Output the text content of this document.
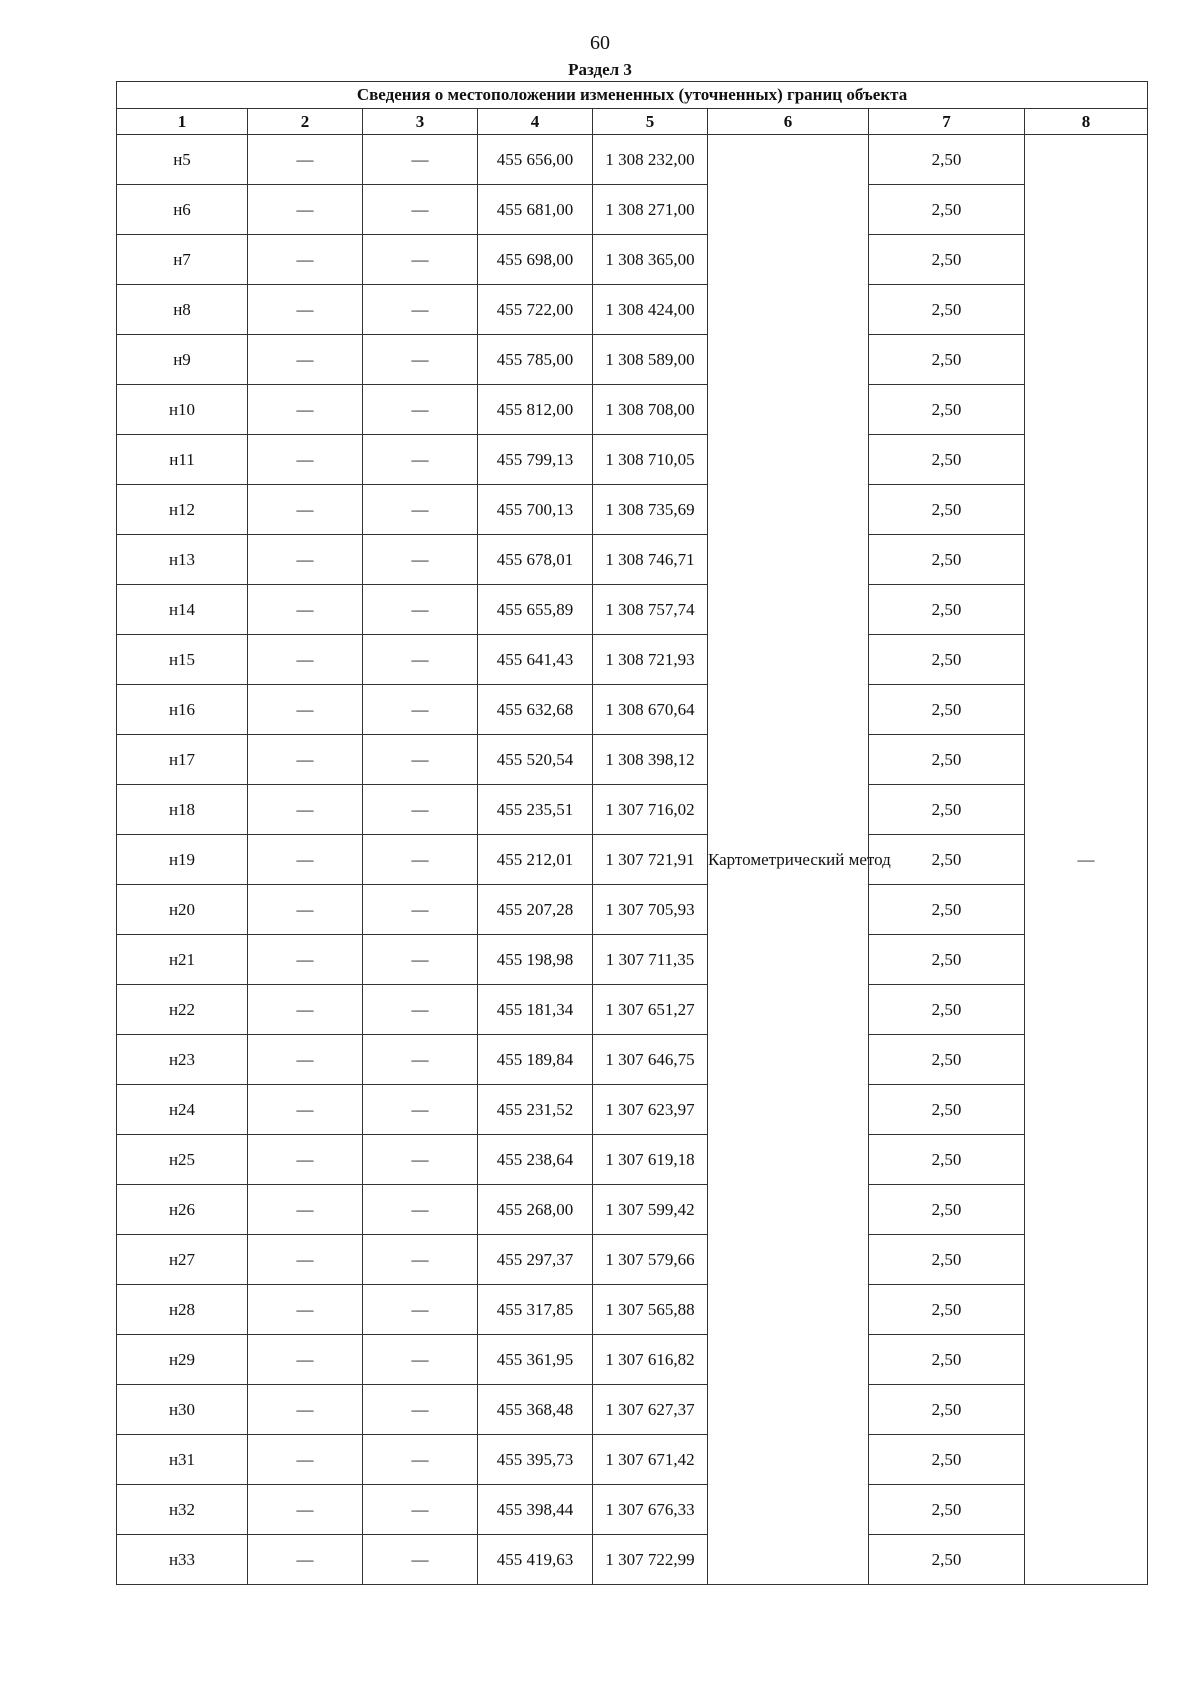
60
Раздел 3
Сведения о местоположении измененных (уточненных) границ объекта							
1	2	3	4	5	6	7	8
н5	—	—	455 656,00	1 308 232,00	Картометрический метод	2,50	—
н6	—	—	455 681,00	1 308 271,00		2,50	
н7	—	—	455 698,00	1 308 365,00		2,50	
н8	—	—	455 722,00	1 308 424,00		2,50	
н9	—	—	455 785,00	1 308 589,00		2,50	
н10	—	—	455 812,00	1 308 708,00		2,50	
н11	—	—	455 799,13	1 308 710,05		2,50	
н12	—	—	455 700,13	1 308 735,69		2,50	
н13	—	—	455 678,01	1 308 746,71		2,50	
н14	—	—	455 655,89	1 308 757,74		2,50	
н15	—	—	455 641,43	1 308 721,93		2,50	
н16	—	—	455 632,68	1 308 670,64		2,50	
н17	—	—	455 520,54	1 308 398,12		2,50	
н18	—	—	455 235,51	1 307 716,02		2,50	
н19	—	—	455 212,01	1 307 721,91		2,50	
н20	—	—	455 207,28	1 307 705,93		2,50	
н21	—	—	455 198,98	1 307 711,35		2,50	
н22	—	—	455 181,34	1 307 651,27		2,50	
н23	—	—	455 189,84	1 307 646,75		2,50	
н24	—	—	455 231,52	1 307 623,97		2,50	
н25	—	—	455 238,64	1 307 619,18		2,50	
н26	—	—	455 268,00	1 307 599,42		2,50	
н27	—	—	455 297,37	1 307 579,66		2,50	
н28	—	—	455 317,85	1 307 565,88		2,50	
н29	—	—	455 361,95	1 307 616,82		2,50	
н30	—	—	455 368,48	1 307 627,37		2,50	
н31	—	—	455 395,73	1 307 671,42		2,50	
н32	—	—	455 398,44	1 307 676,33		2,50	
н33	—	—	455 419,63	1 307 722,99		2,50	
